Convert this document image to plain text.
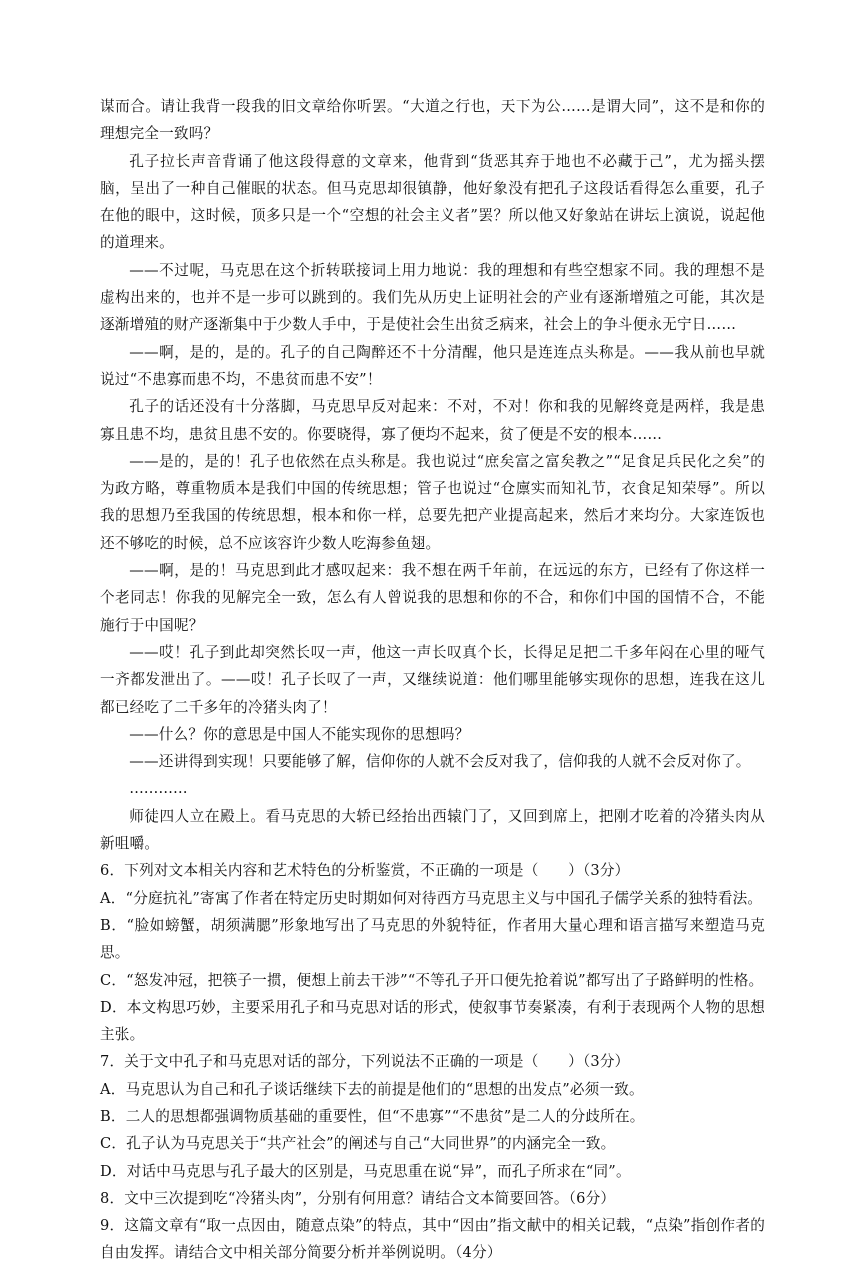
谋而合。请让我背一段我的旧文章给你听罢。“大道之行也，天下为公……是谓大同”，这不是和你的理想完全一致吗？

孔子拉长声音背诵了他这段得意的文章来，他背到“货恶其弃于地也不必藏于己”，尤为摇头摆脑，呈出了一种自己催眠的状态。但马克思却很镇静，他好象没有把孔子这段话看得怎么重要，孔子在他的眼中，这时候，顶多只是一个“空想的社会主义者”罢？所以他又好象站在讲坛上演说，说起他的道理来。

——不过呢，马克思在这个折转联接词上用力地说：我的理想和有些空想家不同。我的理想不是虚构出来的，也并不是一步可以跳到的。我们先从历史上证明社会的产业有逐渐增殖之可能，其次是逐渐增殖的财产逐渐集中于少数人手中，于是使社会生出贫乏病来，社会上的争斗便永无宁日……

——啊，是的，是的。孔子的自己陶醉还不十分清醒，他只是连连点头称是。——我从前也早就说过“不患寡而患不均，不患贫而患不安”！

孔子的话还没有十分落脚，马克思早反对起来：不对，不对！你和我的见解终竟是两样，我是患寡且患不均，患贫且患不安的。你要晓得，寡了便均不起来，贫了便是不安的根本……

——是的，是的！孔子也依然在点头称是。我也说过“庶矣富之富矣教之”“足食足兵民化之矣”的为政方略，尊重物质本是我们中国的传统思想；管子也说过“仓廪实而知礼节，衣食足知荣辱”。所以我的思想乃至我国的传统思想，根本和你一样，总要先把产业提高起来，然后才来均分。大家连饭也还不够吃的时候，总不应该容许少数人吃海参鱼翅。

——啊，是的！马克思到此才感叹起来：我不想在两千年前，在远远的东方，已经有了你这样一个老同志！你我的见解完全一致，怎么有人曾说我的思想和你的不合，和你们中国的国情不合，不能施行于中国呢？

——哎！孔子到此却突然长叹一声，他这一声长叹真个长，长得足足把二千多年闷在心里的哑气一齐都发泄出了。——哎！孔子长叹了一声，又继续说道：他们哪里能够实现你的思想，连我在这儿都已经吃了二千多年的冷猪头肉了！

——什么？你的意思是中国人不能实现你的思想吗？

——还讲得到实现！只要能够了解，信仰你的人就不会反对我了，信仰我的人就不会反对你了。

…………

师徒四人立在殿上。看马克思的大轿已经抬出西辕门了，又回到席上，把刚才吃着的冷猪头肉从新咀嚼。

6．下列对文本相关内容和艺术特色的分析鉴赏，不正确的一项是（　　）（3分）

A．“分庭抗礼”寄寓了作者在特定历史时期如何对待西方马克思主义与中国孔子儒学关系的独特看法。

B．“脸如螃蟹，胡须满腮”形象地写出了马克思的外貌特征，作者用大量心理和语言描写来塑造马克思。

C．“怒发冲冠，把筷子一掼，便想上前去干涉”“不等孔子开口便先抢着说”都写出了子路鲜明的性格。

D．本文构思巧妙，主要采用孔子和马克思对话的形式，使叙事节奏紧凑，有利于表现两个人物的思想主张。

7．关于文中孔子和马克思对话的部分，下列说法不正确的一项是（　　）（3分）

A．马克思认为自己和孔子谈话继续下去的前提是他们的“思想的出发点”必须一致。

B．二人的思想都强调物质基础的重要性，但“不患寡”“不患贫”是二人的分歧所在。

C．孔子认为马克思关于“共产社会”的阐述与自己“大同世界”的内涵完全一致。

D．对话中马克思与孔子最大的区别是，马克思重在说“异”，而孔子所求在“同”。

8．文中三次提到吃“冷猪头肉”，分别有何用意？请结合文本简要回答。（6分）

9．这篇文章有“取一点因由，随意点染”的特点，其中“因由”指文献中的相关记载，“点染”指创作者的自由发挥。请结合文中相关部分简要分析并举例说明。（4分）
